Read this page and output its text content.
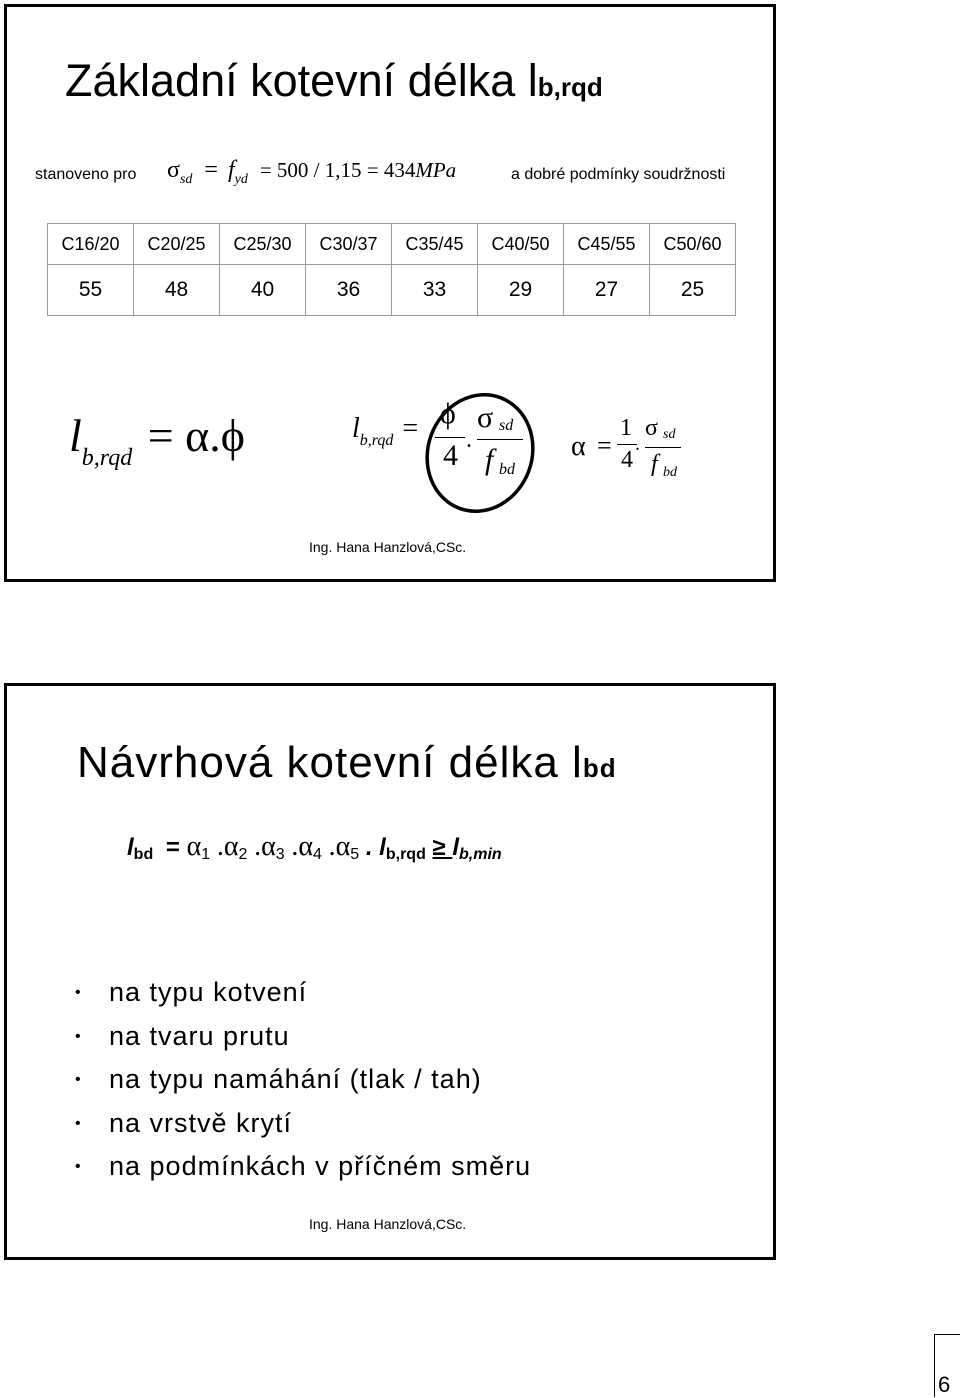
Základní kotevní délka lb,rqd
stanoveno pro $\sigma_{sd} = f_{yd} = 500 / 1,15 = 434MPa$	a dobré podmínky soudržnosti
C16/20	C20/25	C25/30	C30/37	C35/45	C40/50	C45/55	C50/60
55	48	40	36	33	29	27	25
$l_{b,rqd} = \alpha.\phi$	$l_{b,rqd} = \phi$
4 .
σ sd
f bd
α =
1
4
.
σ sd
f bd
Ing. Hana Hanzlová,CSc.
Návrhová kotevní délka lbd
lbd = α1 .α2 .α3 .α4 .α5 . lb,rqd ≥ lb,min
• na typu kotvení
• na tvaru prutu
• na typu namáhání (tlak / tah)
• na vrstvě krytí
• na podmínkách v příčném směru
Ing. Hana Hanzlová,CSc.
6
